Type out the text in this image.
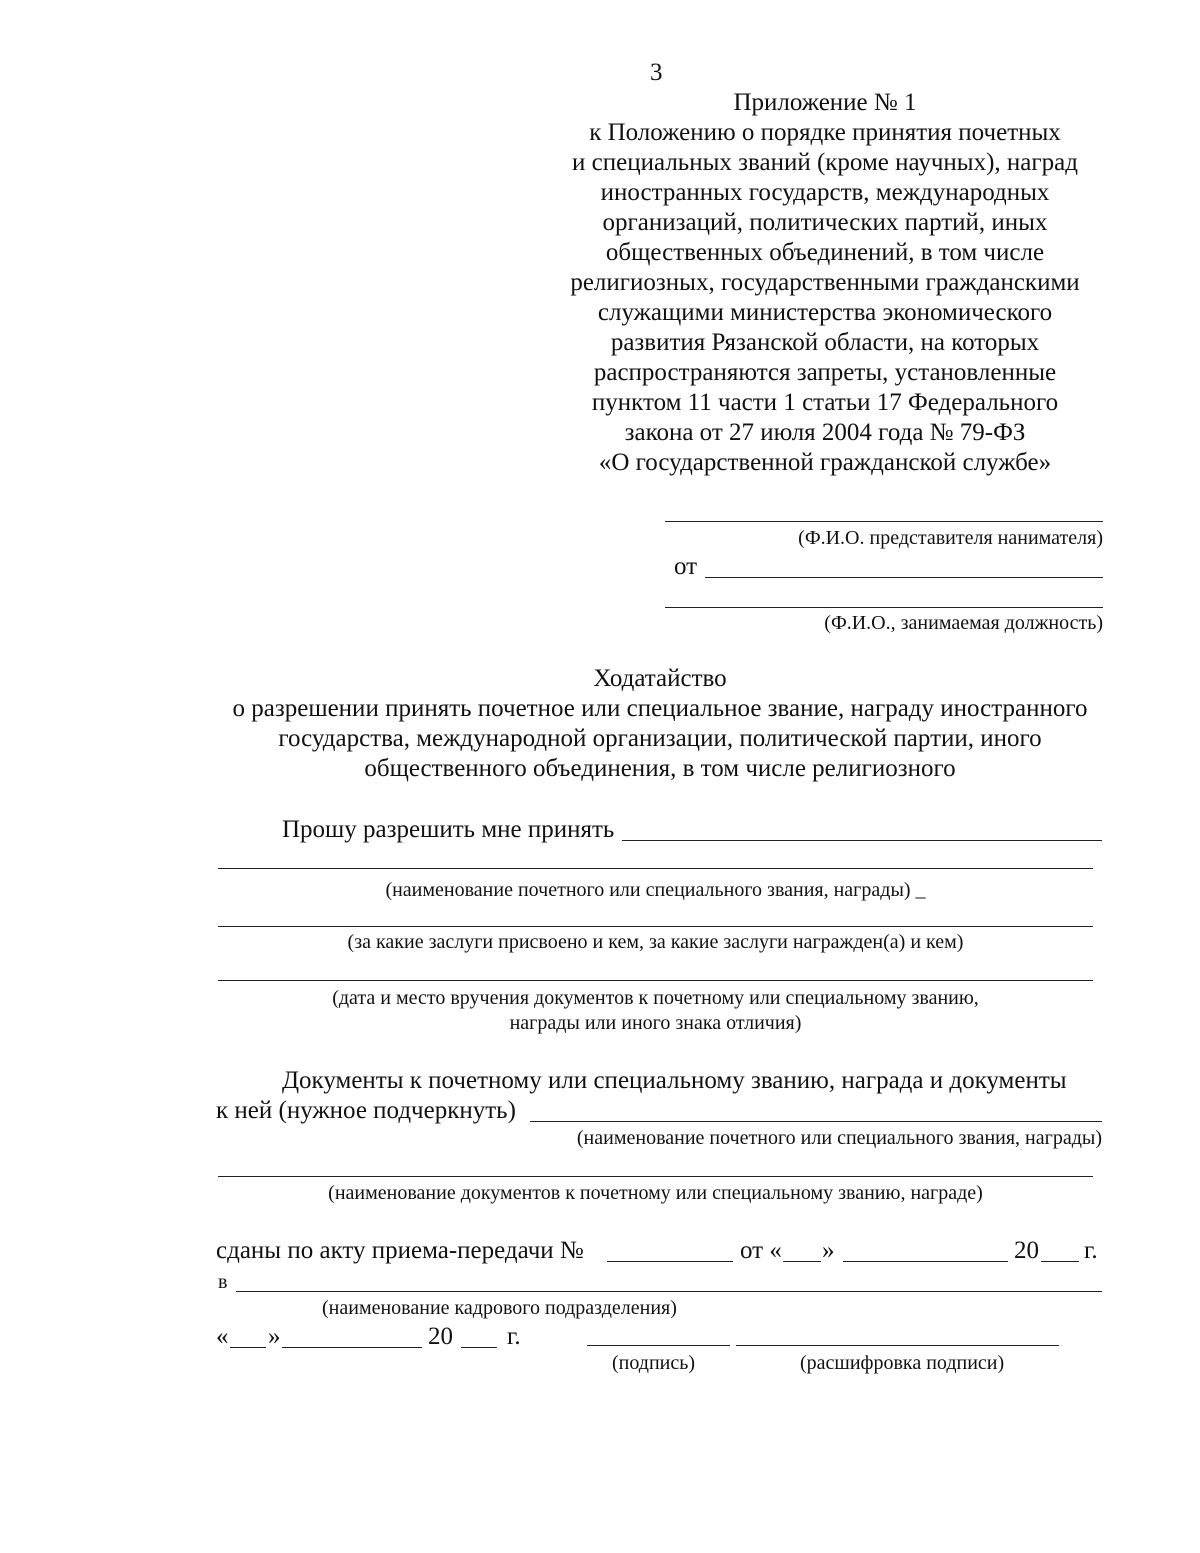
3
Приложение № 1
к Положению о порядке принятия почетных
и специальных званий (кроме научных), наград
иностранных государств, международных
организаций, политических партий, иных
общественных объединений, в том числе
религиозных, государственными гражданскими
служащими министерства экономического
развития Рязанской области, на которых
распространяются запреты, установленные
пунктом 11 части 1 статьи 17 Федерального
закона от 27 июля 2004 года № 79-ФЗ
«О государственной гражданской службе»
(Ф.И.О. представителя нанимателя)
от
(Ф.И.О., занимаемая должность)
Ходатайство
о разрешении принять почетное или специальное звание, награду иностранного
государства, международной организации, политической партии, иного
общественного объединения, в том числе религиозного
Прошу разрешить мне принять
(наименование почетного или специального звания, награды) _
(за какие заслуги присвоено и кем, за какие заслуги награжден(а) и кем)
(дата и место вручения документов к почетному или специальному званию,
награды или иного знака отличия)
Документы к почетному или специальному званию, награда и документы
к ней (нужное подчеркнуть)
(наименование почетного или специального звания, награды)
(наименование документов к почетному или специальному званию, награде)
сданы по акту приема-передачи №	от « »	20 г.
в
(наименование кадрового подразделения)
« »	20 г.
(подпись)	(расшифровка подписи)
